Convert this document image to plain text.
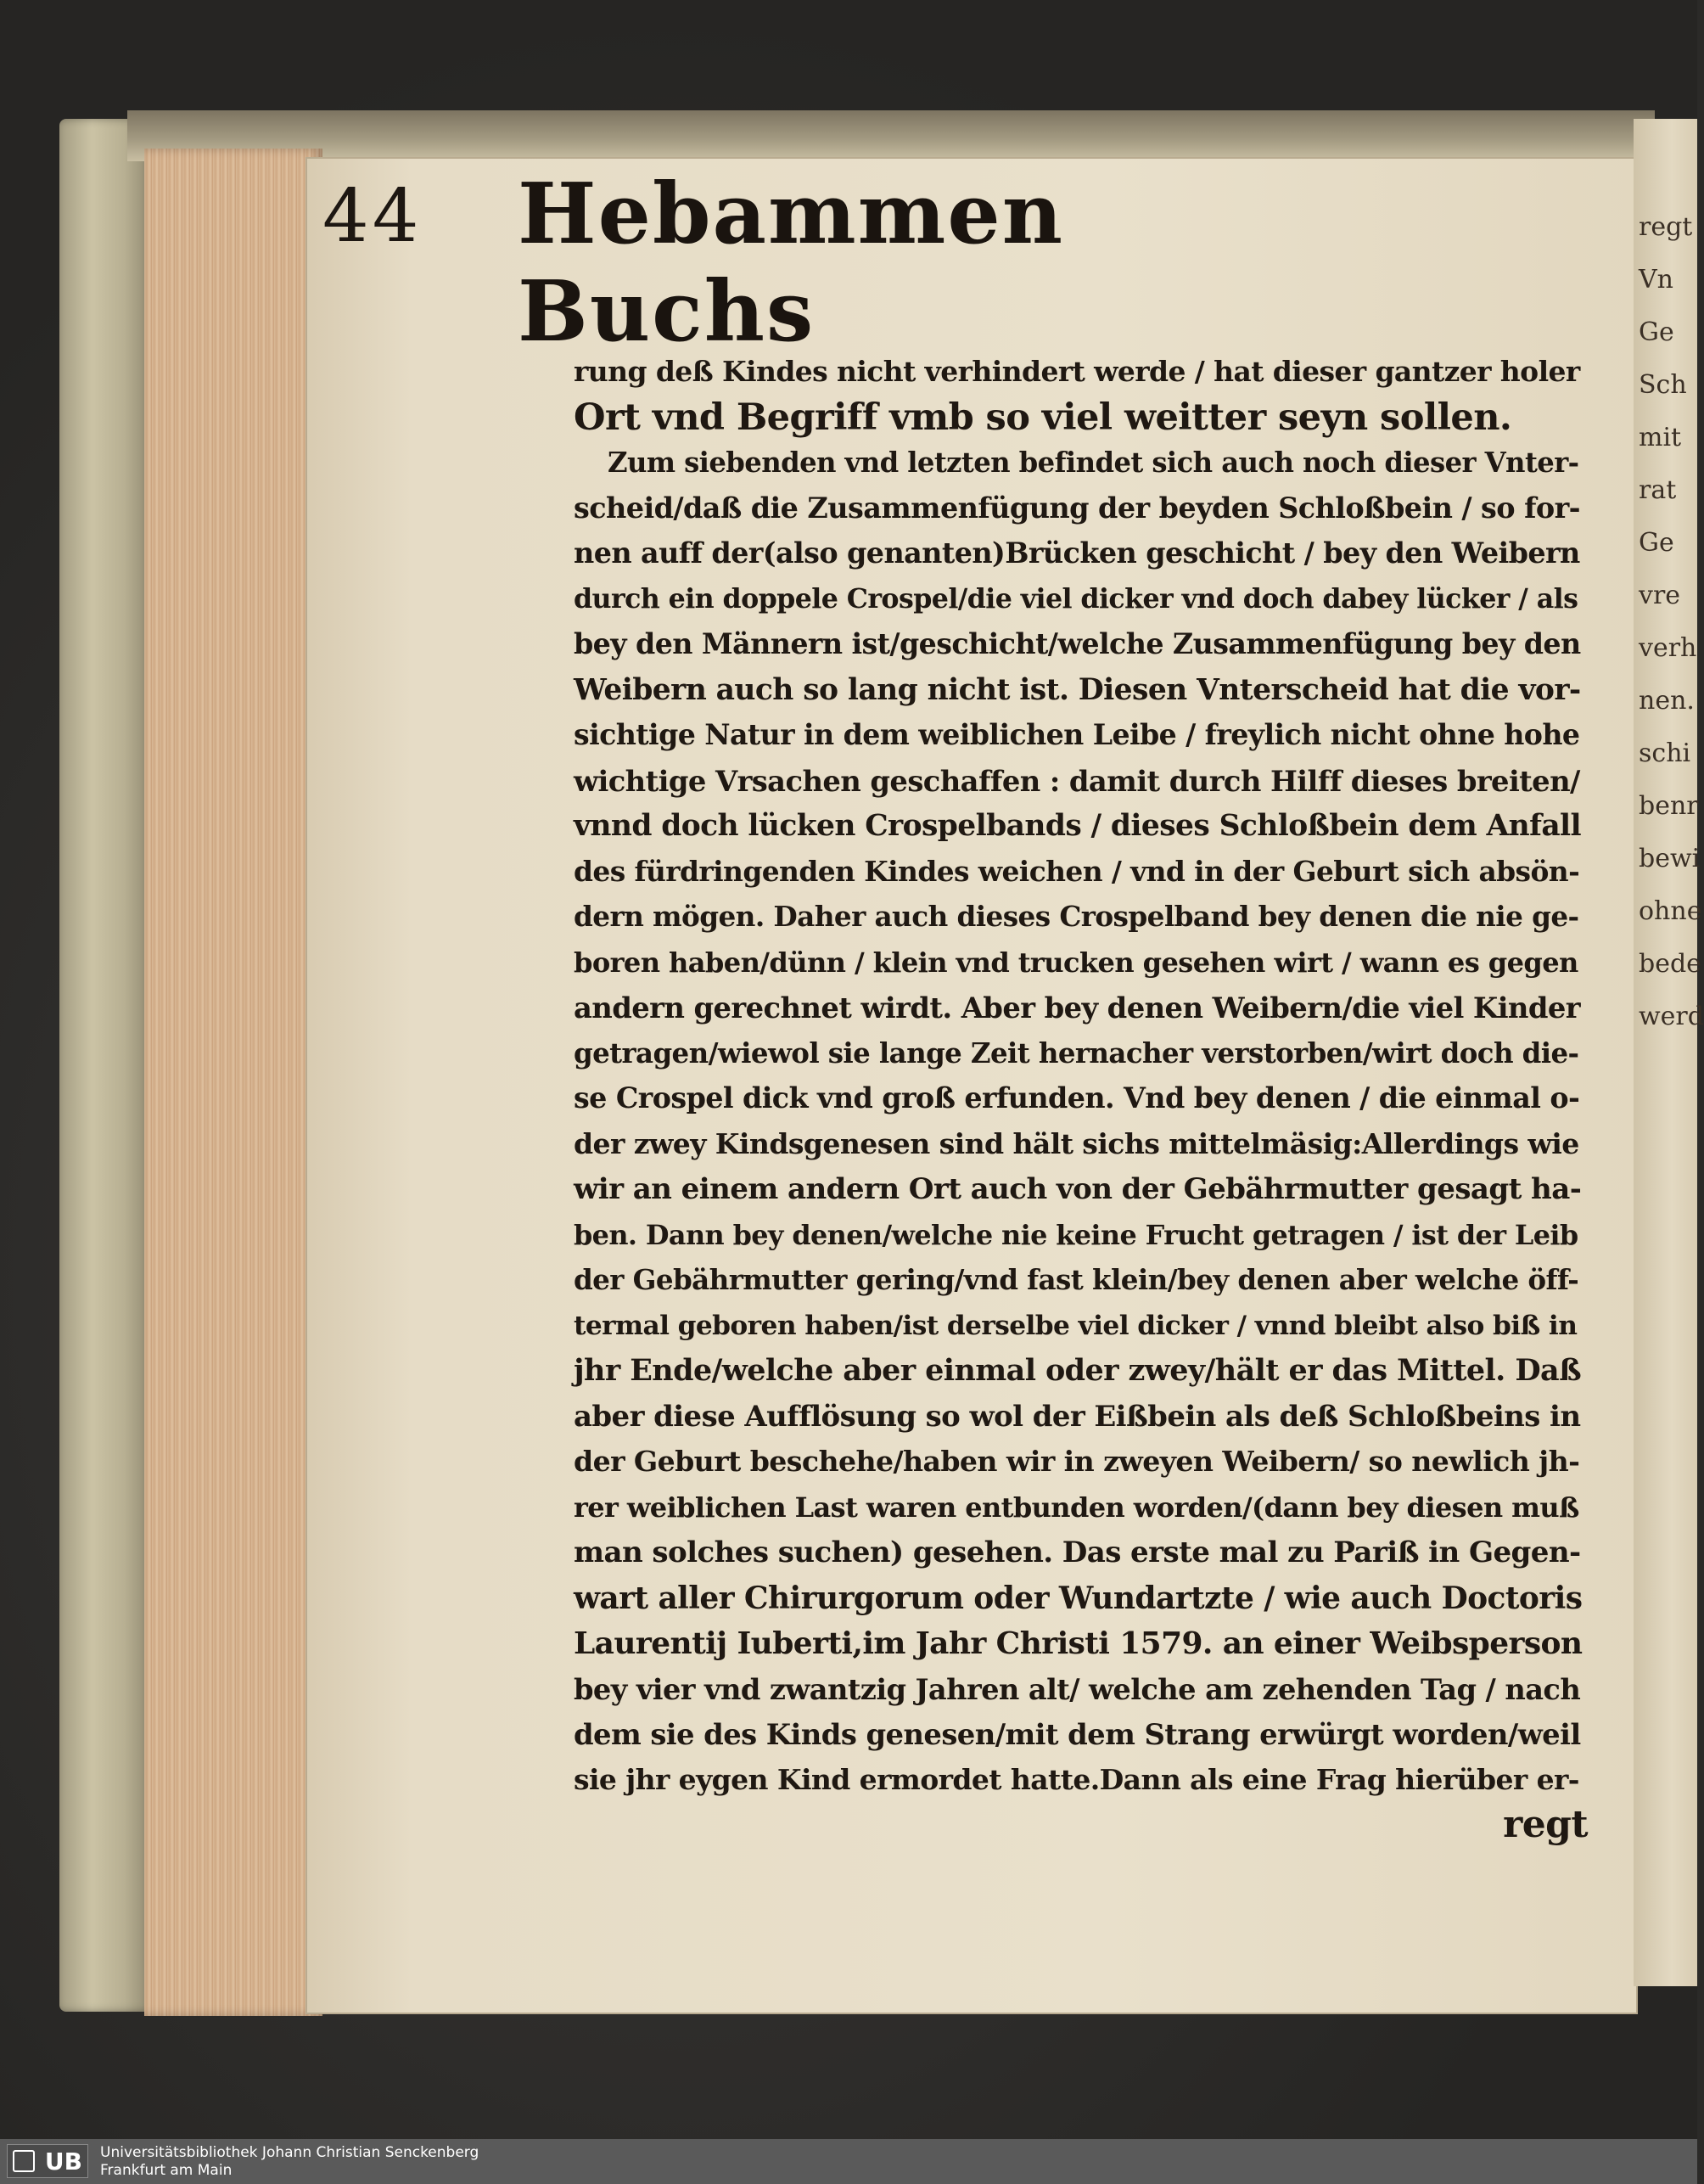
regt
Vn
Ge
Sch
mit
rat
Ge
vre
verh
nen.
schi
benr
bewi
ohne
bede
werd
44 Hebammen Buchs
rung deß Kindes nicht verhindert werde / hat dieser gantzer holer
Ort vnd Begriff vmb so viel weitter seyn sollen.
Zum siebenden vnd letzten befindet sich auch noch dieser Vnter-
scheid/daß die Zusammenfügung der beyden Schloßbein / so for-
nen auff der(also genanten)Brücken geschicht / bey den Weibern
durch ein doppele Crospel/die viel dicker vnd doch dabey lücker / als
bey den Männern ist/geschicht/welche Zusammenfügung bey den
Weibern auch so lang nicht ist. Diesen Vnterscheid hat die vor-
sichtige Natur in dem weiblichen Leibe / freylich nicht ohne hohe
wichtige Vrsachen geschaffen : damit durch Hilff dieses breiten/
vnnd doch lücken Crospelbands / dieses Schloßbein dem Anfall
des fürdringenden Kindes weichen / vnd in der Geburt sich absön-
dern mögen. Daher auch dieses Crospelband bey denen die nie ge-
boren haben/dünn / klein vnd trucken gesehen wirt / wann es gegen
andern gerechnet wirdt. Aber bey denen Weibern/die viel Kinder
getragen/wiewol sie lange Zeit hernacher verstorben/wirt doch die-
se Crospel dick vnd groß erfunden. Vnd bey denen / die einmal o-
der zwey Kindsgenesen sind hält sichs mittelmäsig:Allerdings wie
wir an einem andern Ort auch von der Gebährmutter gesagt ha-
ben. Dann bey denen/welche nie keine Frucht getragen / ist der Leib
der Gebährmutter gering/vnd fast klein/bey denen aber welche öff-
termal geboren haben/ist derselbe viel dicker / vnnd bleibt also biß in
jhr Ende/welche aber einmal oder zwey/hält er das Mittel. Daß
aber diese Aufflösung so wol der Eißbein als deß Schloßbeins in
der Geburt beschehe/haben wir in zweyen Weibern/ so newlich jh-
rer weiblichen Last waren entbunden worden/(dann bey diesen muß
man solches suchen) gesehen. Das erste mal zu Pariß in Gegen-
wart aller Chirurgorum oder Wundartzte / wie auch Doctoris
Laurentij Iuberti,im Jahr Christi 1579. an einer Weibsperson
bey vier vnd zwantzig Jahren alt/ welche am zehenden Tag / nach
dem sie des Kinds genesen/mit dem Strang erwürgt worden/weil
sie jhr eygen Kind ermordet hatte.Dann als eine Frag hierüber er-
regt
UB	Universitätsbibliothek Johann Christian Senckenberg
Frankfurt am Main
